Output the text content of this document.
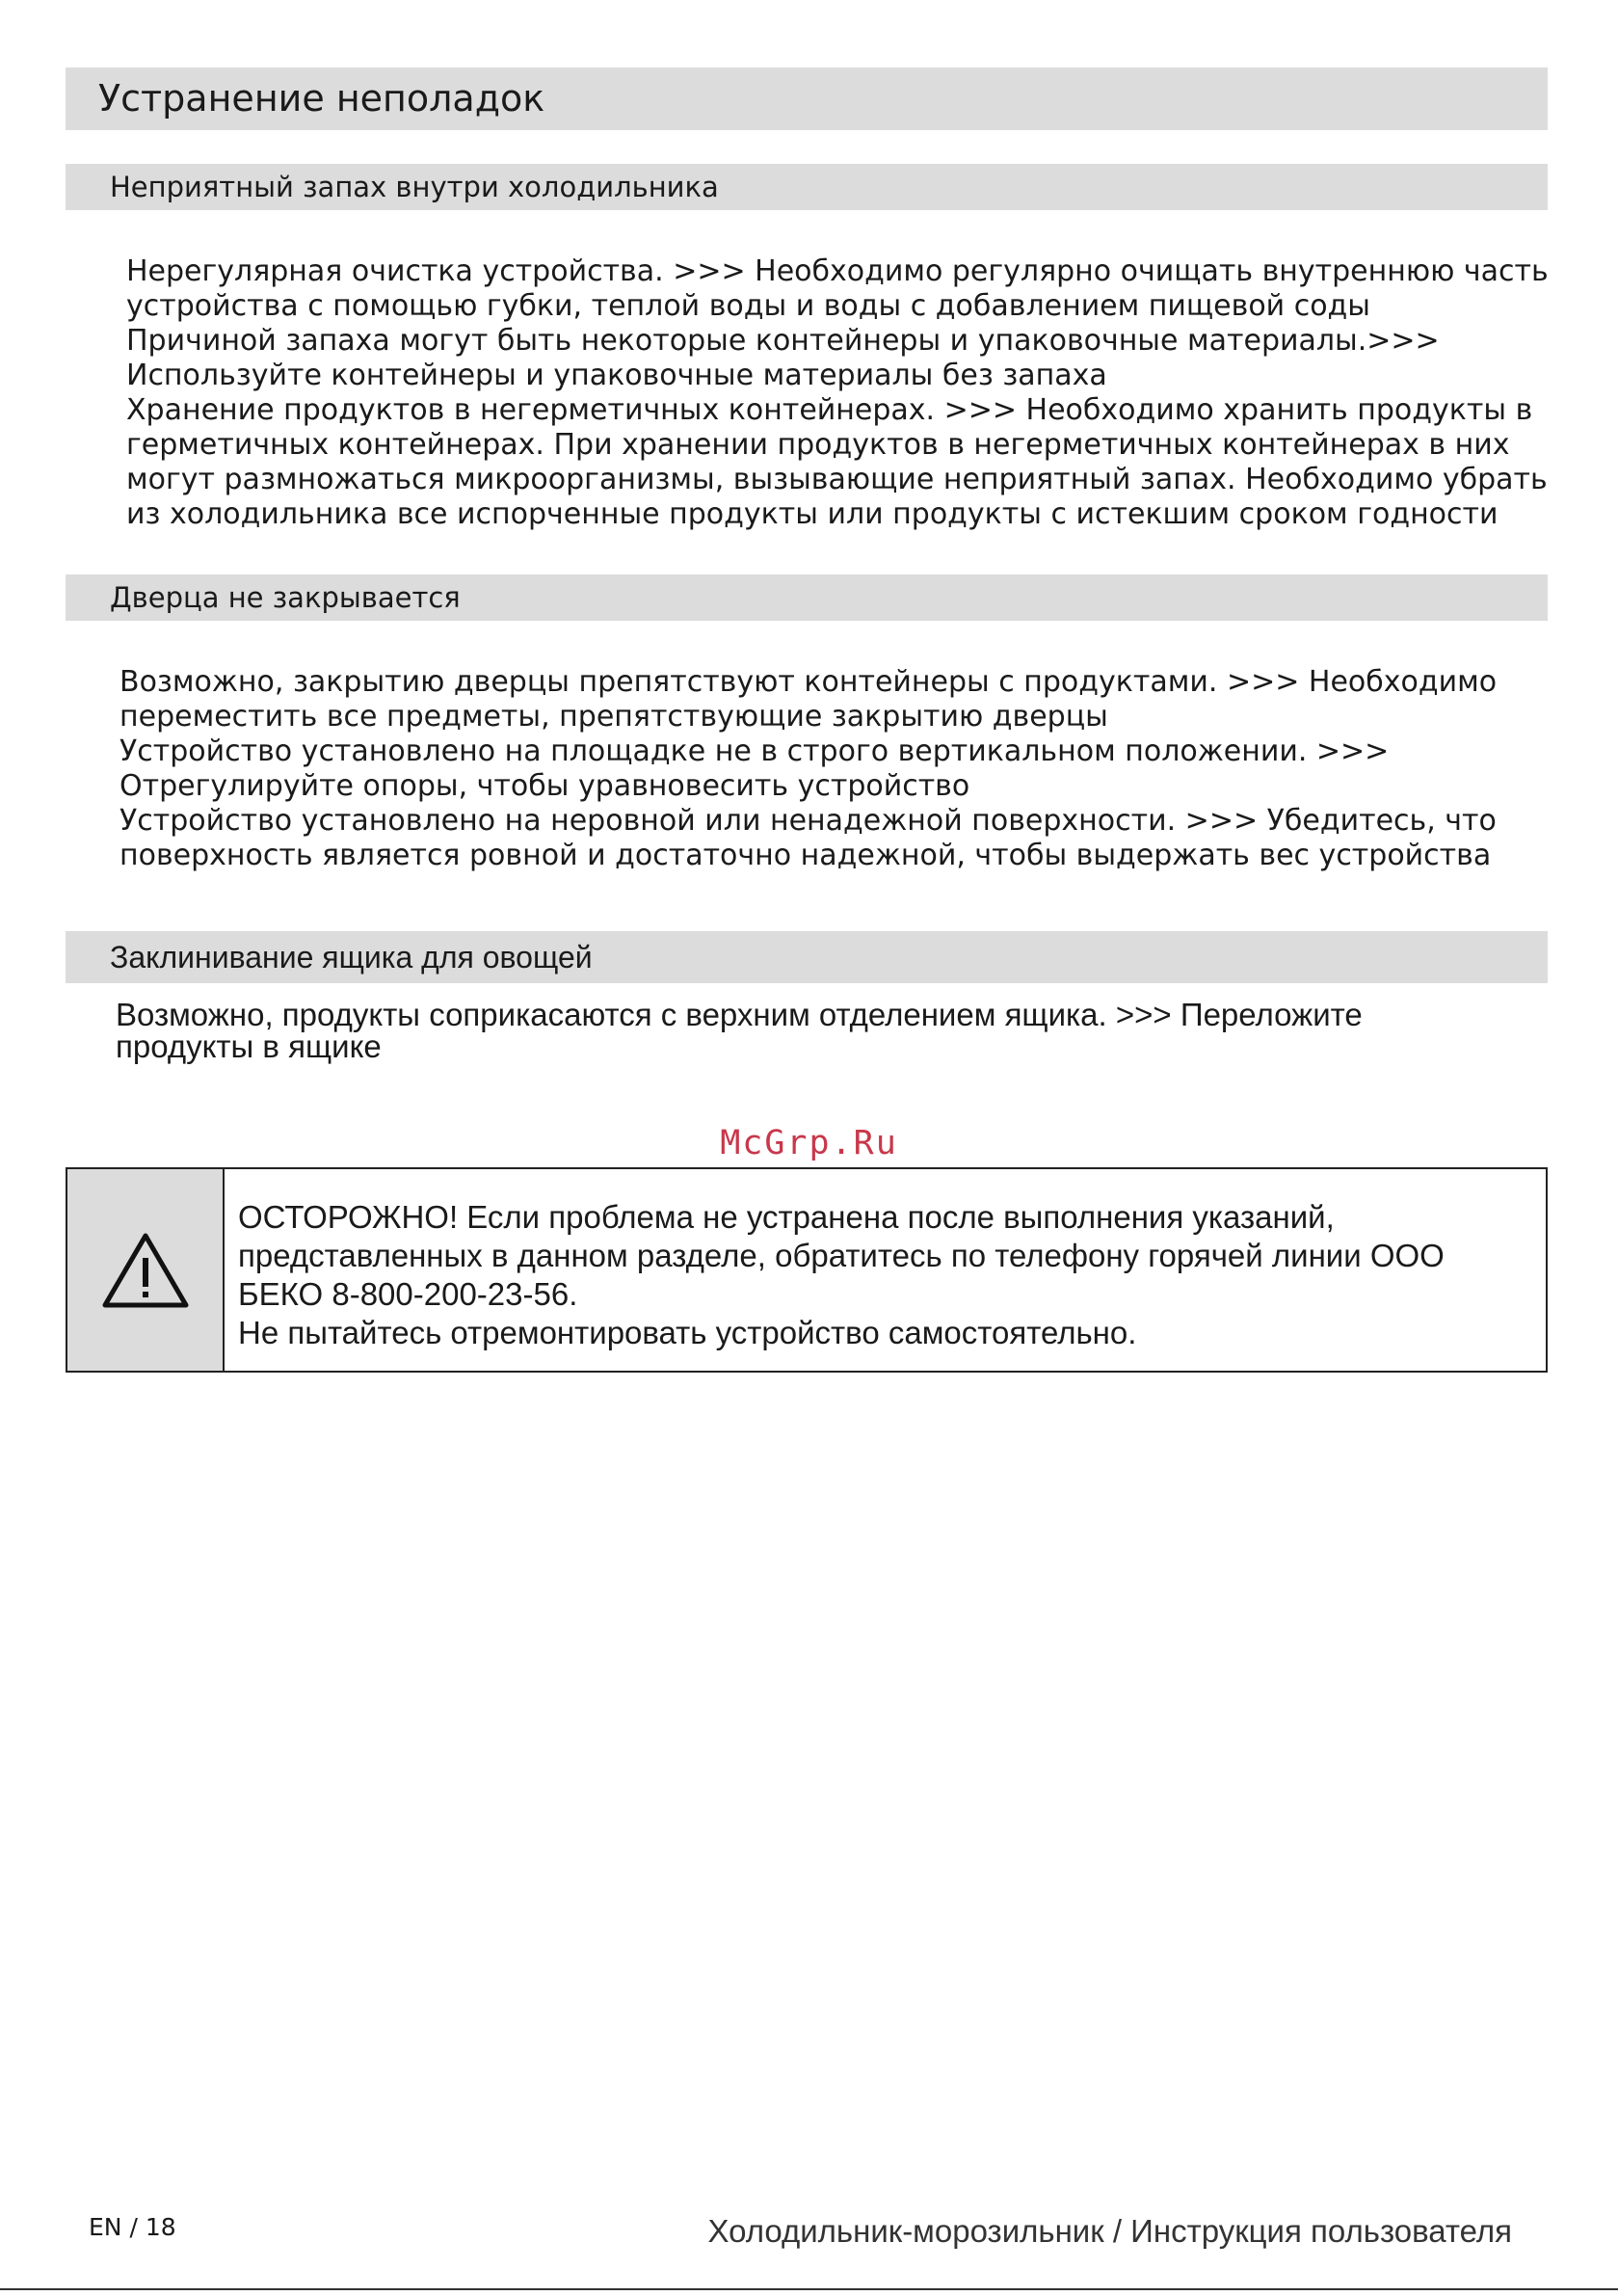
Устранение неполадок
Неприятный запах внутри холодильника
Нерегулярная очистка устройства. >>> Необходимо регулярно очищать внутреннюю часть
устройства с помощью губки, теплой воды и воды с добавлением пищевой соды
Причиной запаха могут быть некоторые контейнеры и упаковочные материалы.>>>
Используйте контейнеры и упаковочные материалы без запаха
Хранение продуктов в негерметичных контейнерах. >>> Необходимо хранить продукты в
герметичных контейнерах. При хранении продуктов в негерметичных контейнерах в них
могут размножаться микроорганизмы, вызывающие неприятный запах. Необходимо убрать
из холодильника все испорченные продукты или продукты с истекшим сроком годности
Дверца не закрывается
Возможно, закрытию дверцы препятствуют контейнеры с продуктами. >>> Необходимо
переместить все предметы, препятствующие закрытию дверцы
Устройство установлено на площадке не в строго вертикальном положении. >>>
Отрегулируйте опоры, чтобы уравновесить устройство
Устройство установлено на неровной или ненадежной поверхности. >>> Убедитесь, что
поверхность является ровной и достаточно надежной, чтобы выдержать вес устройства
Заклинивание ящика для овощей
Возможно, продукты соприкасаются с верхним отделением ящика. >>> Переложите
продукты в ящике
McGrp.Ru
ОСТОРОЖНО! Если проблема не устранена после выполнения указаний,
представленных в данном разделе, обратитесь по телефону горячей линии ООО
БЕКО 8-800-200-23-56.
Не пытайтесь отремонтировать устройство самостоятельно.
EN / 18	Холодильник-морозильник / Инструкция пользователя
